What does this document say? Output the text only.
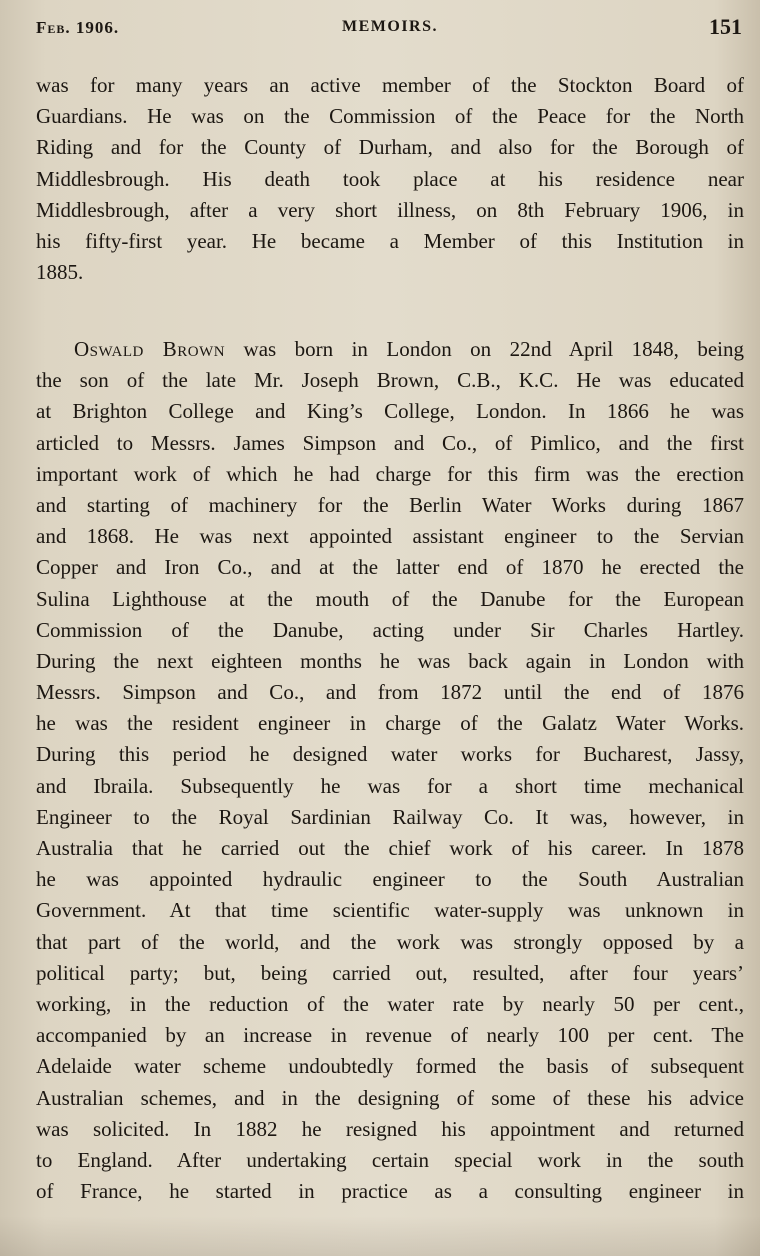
Feb. 1906.	MEMOIRS.	151
was for many years an active member of the Stockton Board of
Guardians. He was on the Commission of the Peace for the North
Riding and for the County of Durham, and also for the Borough of
Middlesbrough. His death took place at his residence near
Middlesbrough, after a very short illness, on 8th February 1906, in
his fifty-first year. He became a Member of this Institution in
1885.
Oswald Brown was born in London on 22nd April 1848, being
the son of the late Mr. Joseph Brown, C.B., K.C. He was educated
at Brighton College and King’s College, London. In 1866 he was
articled to Messrs. James Simpson and Co., of Pimlico, and the first
important work of which he had charge for this firm was the erection
and starting of machinery for the Berlin Water Works during 1867
and 1868. He was next appointed assistant engineer to the Servian
Copper and Iron Co., and at the latter end of 1870 he erected the
Sulina Lighthouse at the mouth of the Danube for the European
Commission of the Danube, acting under Sir Charles Hartley.
During the next eighteen months he was back again in London with
Messrs. Simpson and Co., and from 1872 until the end of 1876
he was the resident engineer in charge of the Galatz Water Works.
During this period he designed water works for Bucharest, Jassy,
and Ibraila. Subsequently he was for a short time mechanical
Engineer to the Royal Sardinian Railway Co. It was, however, in
Australia that he carried out the chief work of his career. In 1878
he was appointed hydraulic engineer to the South Australian
Government. At that time scientific water-supply was unknown in
that part of the world, and the work was strongly opposed by a
political party; but, being carried out, resulted, after four years’
working, in the reduction of the water rate by nearly 50 per cent.,
accompanied by an increase in revenue of nearly 100 per cent. The
Adelaide water scheme undoubtedly formed the basis of subsequent
Australian schemes, and in the designing of some of these his advice
was solicited. In 1882 he resigned his appointment and returned
to England. After undertaking certain special work in the south
of France, he started in practice as a consulting engineer in
